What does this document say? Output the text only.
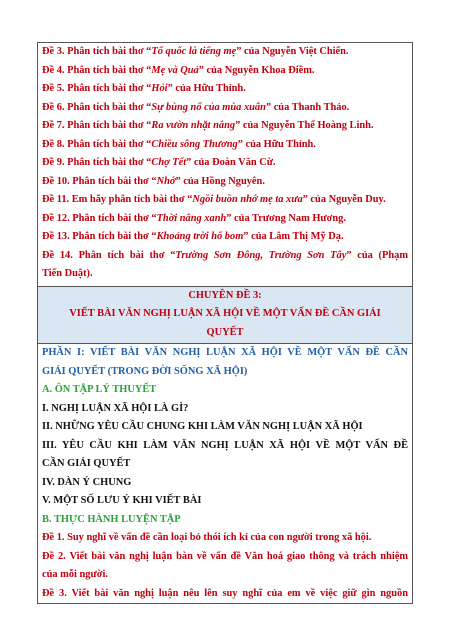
Đề 3. Phân tích bài thơ “Tổ quốc là tiếng mẹ” của Nguyễn Việt Chiến.
Đề 4. Phân tích bài thơ “Mẹ và Quả” của Nguyễn Khoa Điềm.
Đề 5. Phân tích bài thơ “Hỏi” của Hữu Thỉnh.
Đề 6. Phân tích bài thơ “Sự bùng nổ của mùa xuân” của Thanh Thảo.
Đề 7. Phân tích bài thơ “Ra vườn nhặt nắng” của Nguyễn Thế Hoàng Linh.
Đề 8. Phân tích bài thơ “Chiều sông Thương” của Hữu Thỉnh.
Đề 9. Phân tích bài thơ “Chợ Tết” của Đoàn Văn Cừ.
Đề 10. Phân tích bài thơ “Nhớ” của Hồng Nguyên.
Đề 11. Em hãy phân tích bài thơ “Ngồi buồn nhớ mẹ ta xưa” của Nguyễn Duy.
Đề 12. Phân tích bài thơ “Thời nắng xanh” của Trương Nam Hương.
Đề 13. Phân tích bài thơ “Khoảng trời hố bom” của Lâm Thị Mỹ Dạ.
Đề 14. Phân tích bài thơ “Trường Sơn Đông, Trường Sơn Tây” của (Phạm
Tiến Duật).
CHUYÊN ĐỀ 3:
VIẾT BÀI VĂN NGHỊ LUẬN XÃ HỘI VỀ MỘT VẤN ĐỀ CẦN GIẢI
QUYẾT
PHẦN I: VIẾT BÀI VĂN NGHỊ LUẬN XÃ HỘI VỀ MỘT VẤN ĐỀ CẦN
GIẢI QUYẾT (TRONG ĐỜI SỐNG XÃ HỘI)
A. ÔN TẬP LÝ THUYẾT
I. NGHỊ LUẬN XÃ HỘI LÀ GÌ?
II. NHỮNG YÊU CẦU CHUNG KHI LÀM VĂN NGHỊ LUẬN XÃ HỘI
III. YÊU CẦU KHI LÀM VĂN NGHỊ LUẬN XÃ HỘI VỀ MỘT VẤN ĐỀ
CẦN GIẢI QUYẾT
IV. DÀN Ý CHUNG
V. MỘT SỐ LƯU Ý KHI VIẾT BÀI
B. THỰC HÀNH LUYỆN TẬP
Đề 1. Suy nghĩ về vấn đề cần loại bỏ thói ích kỉ của con người trong xã hội.
Đề 2. Viết bài văn nghị luận bàn về vấn đề Văn hoá giao thông và trách nhiệm
của mỗi người.
Đề 3. Viết bài văn nghị luận nêu lên suy nghĩ của em về việc giữ gìn nguồn
